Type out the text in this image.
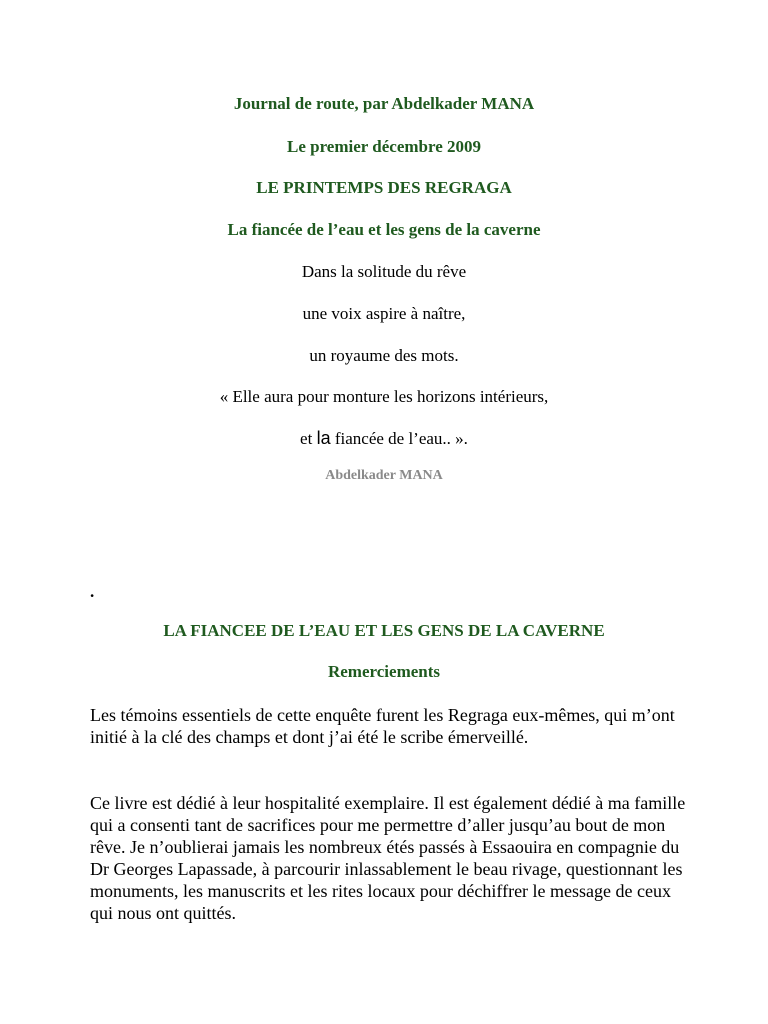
Journal de route, par Abdelkader MANA
Le premier décembre 2009
LE PRINTEMPS DES REGRAGA
La fiancée de l’eau et les gens de la caverne
Dans la solitude du rêve
une voix aspire à naître,
un royaume des mots.
« Elle aura pour monture les horizons intérieurs,
et la fiancée de l’eau.. ».
Abdelkader MANA
.
LA FIANCEE DE L’EAU ET LES GENS DE LA CAVERNE
Remerciements
Les témoins essentiels de cette enquête furent les Regraga eux-mêmes, qui m’ont initié à la clé des champs et dont j’ai été le scribe émerveillé.
Ce livre est dédié à leur hospitalité exemplaire. Il est également dédié à ma famille qui a consenti tant de sacrifices pour me permettre d’aller jusqu’au bout de mon rêve. Je n’oublierai jamais les nombreux étés passés à Essaouira en compagnie du Dr Georges Lapassade, à parcourir inlassablement le beau rivage, questionnant les monuments, les manuscrits et les rites locaux pour déchiffrer le message de ceux qui nous ont quittés.
